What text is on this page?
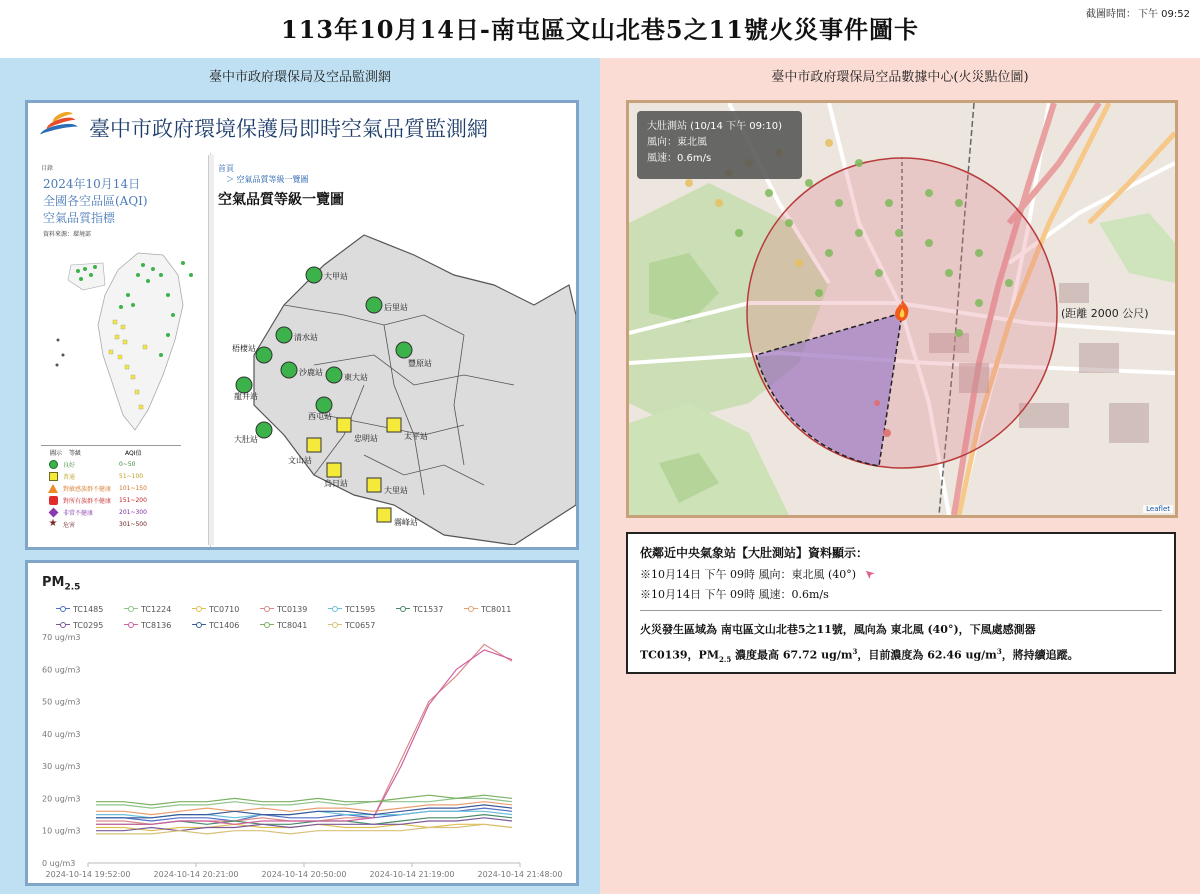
113年10月14日-南屯區文山北巷5之11號火災事件圖卡
截圖時間： 下午 09:52
臺中市政府環保局及空品監測網
臺中市政府環境保護局即時空氣品質監測網
目錄
2024年10月14日
全國各空品區(AQI)
空氣品質指標
資料來源：環境部
圖示	等級	AQI值
良好	0~50
普通	51~100
對敏感族群不健康	101~150
對所有族群不健康	151~200
非常不健康	201~300
★ 危害	301~500
首頁
＞ 空氣品質等級一覽圖
空氣品質等級一覽圖
大甲站
后里站
清水站
梧棲站
沙鹿站
豐原站
龍井站
東大站
西屯站
大肚站
文山站
忠明站	太平站
烏日站
大里站
霧峰站
$PM_{2.5}$
TC1485	TC1224	TC0710	TC0139	TC1595	TC1537	TC8011
TC0295	TC8136	TC1406	TC8041	TC0657
0 ug/m3
10 ug/m3
20 ug/m3
30 ug/m3
40 ug/m3
50 ug/m3
60 ug/m3
70 ug/m3
2024-10-14 19:52:00	2024-10-14 20:21:00	2024-10-14 20:50:00	2024-10-14 21:19:00	2024-10-14 21:48:00
臺中市政府環保局空品數據中心(火災點位圖)
大肚測站 (10/14 下午 09:10)
風向：東北風
風速：0.6m/s
(距離 2000 公尺)
Leaflet
依鄰近中央氣象站【大肚測站】資料顯示：
※10月14日 下午 09時 風向：東北風 (40°) ➤
※10月14日 下午 09時 風速：0.6m/s
火災發生區域為 南屯區文山北巷5之11號，風向為 東北風 (40°)，下風處感測器
TC0139，$PM_{2.5}$ 濃度最高 67.72 $ug/m^3$，目前濃度為 62.46 $ug/m^3$，將持續追蹤。
